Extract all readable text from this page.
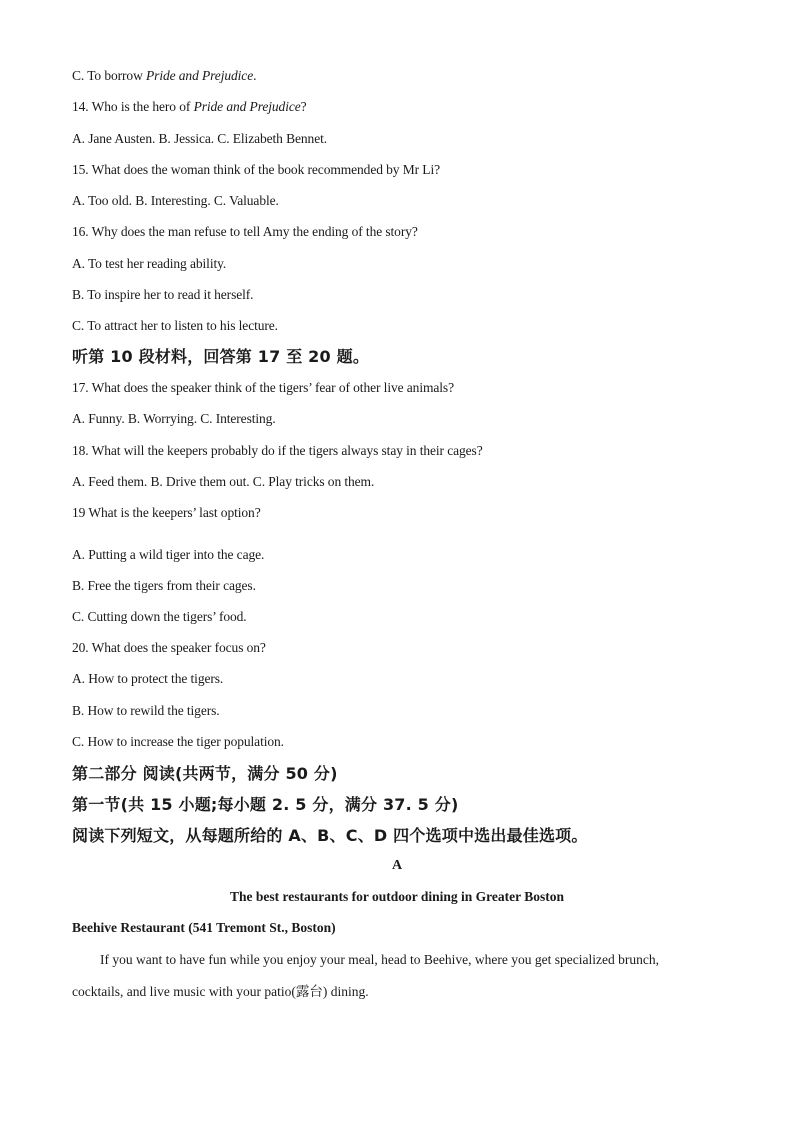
C. To borrow Pride and Prejudice.
14. Who is the hero of Pride and Prejudice?
A. Jane Austen. B. Jessica. C. Elizabeth Bennet.
15. What does the woman think of the book recommended by Mr Li?
A. Too old. B. Interesting. C. Valuable.
16. Why does the man refuse to tell Amy the ending of the story?
A. To test her reading ability.
B. To inspire her to read it herself.
C. To attract her to listen to his lecture.
听第 10 段材料，回答第 17 至 20 题。
17. What does the speaker think of the tigers’ fear of other live animals?
A. Funny. B. Worrying. C. Interesting.
18. What will the keepers probably do if the tigers always stay in their cages?
A. Feed them. B. Drive them out. C. Play tricks on them.
19 What is the keepers’ last option?
A. Putting a wild tiger into the cage.
B. Free the tigers from their cages.
C. Cutting down the tigers’ food.
20. What does the speaker focus on?
A. How to protect the tigers.
B. How to rewild the tigers.
C. How to increase the tiger population.
第二部分 阅读(共两节，满分 50 分)
第一节(共 15 小题;每小题 2. 5 分，满分 37. 5 分)
阅读下列短文，从每题所给的 A、B、C、D 四个选项中选出最佳选项。
A
The best restaurants for outdoor dining in Greater Boston
Beehive Restaurant (541 Tremont St., Boston)
If you want to have fun while you enjoy your meal, head to Beehive, where you get specialized brunch, cocktails, and live music with your patio(露台) dining.
